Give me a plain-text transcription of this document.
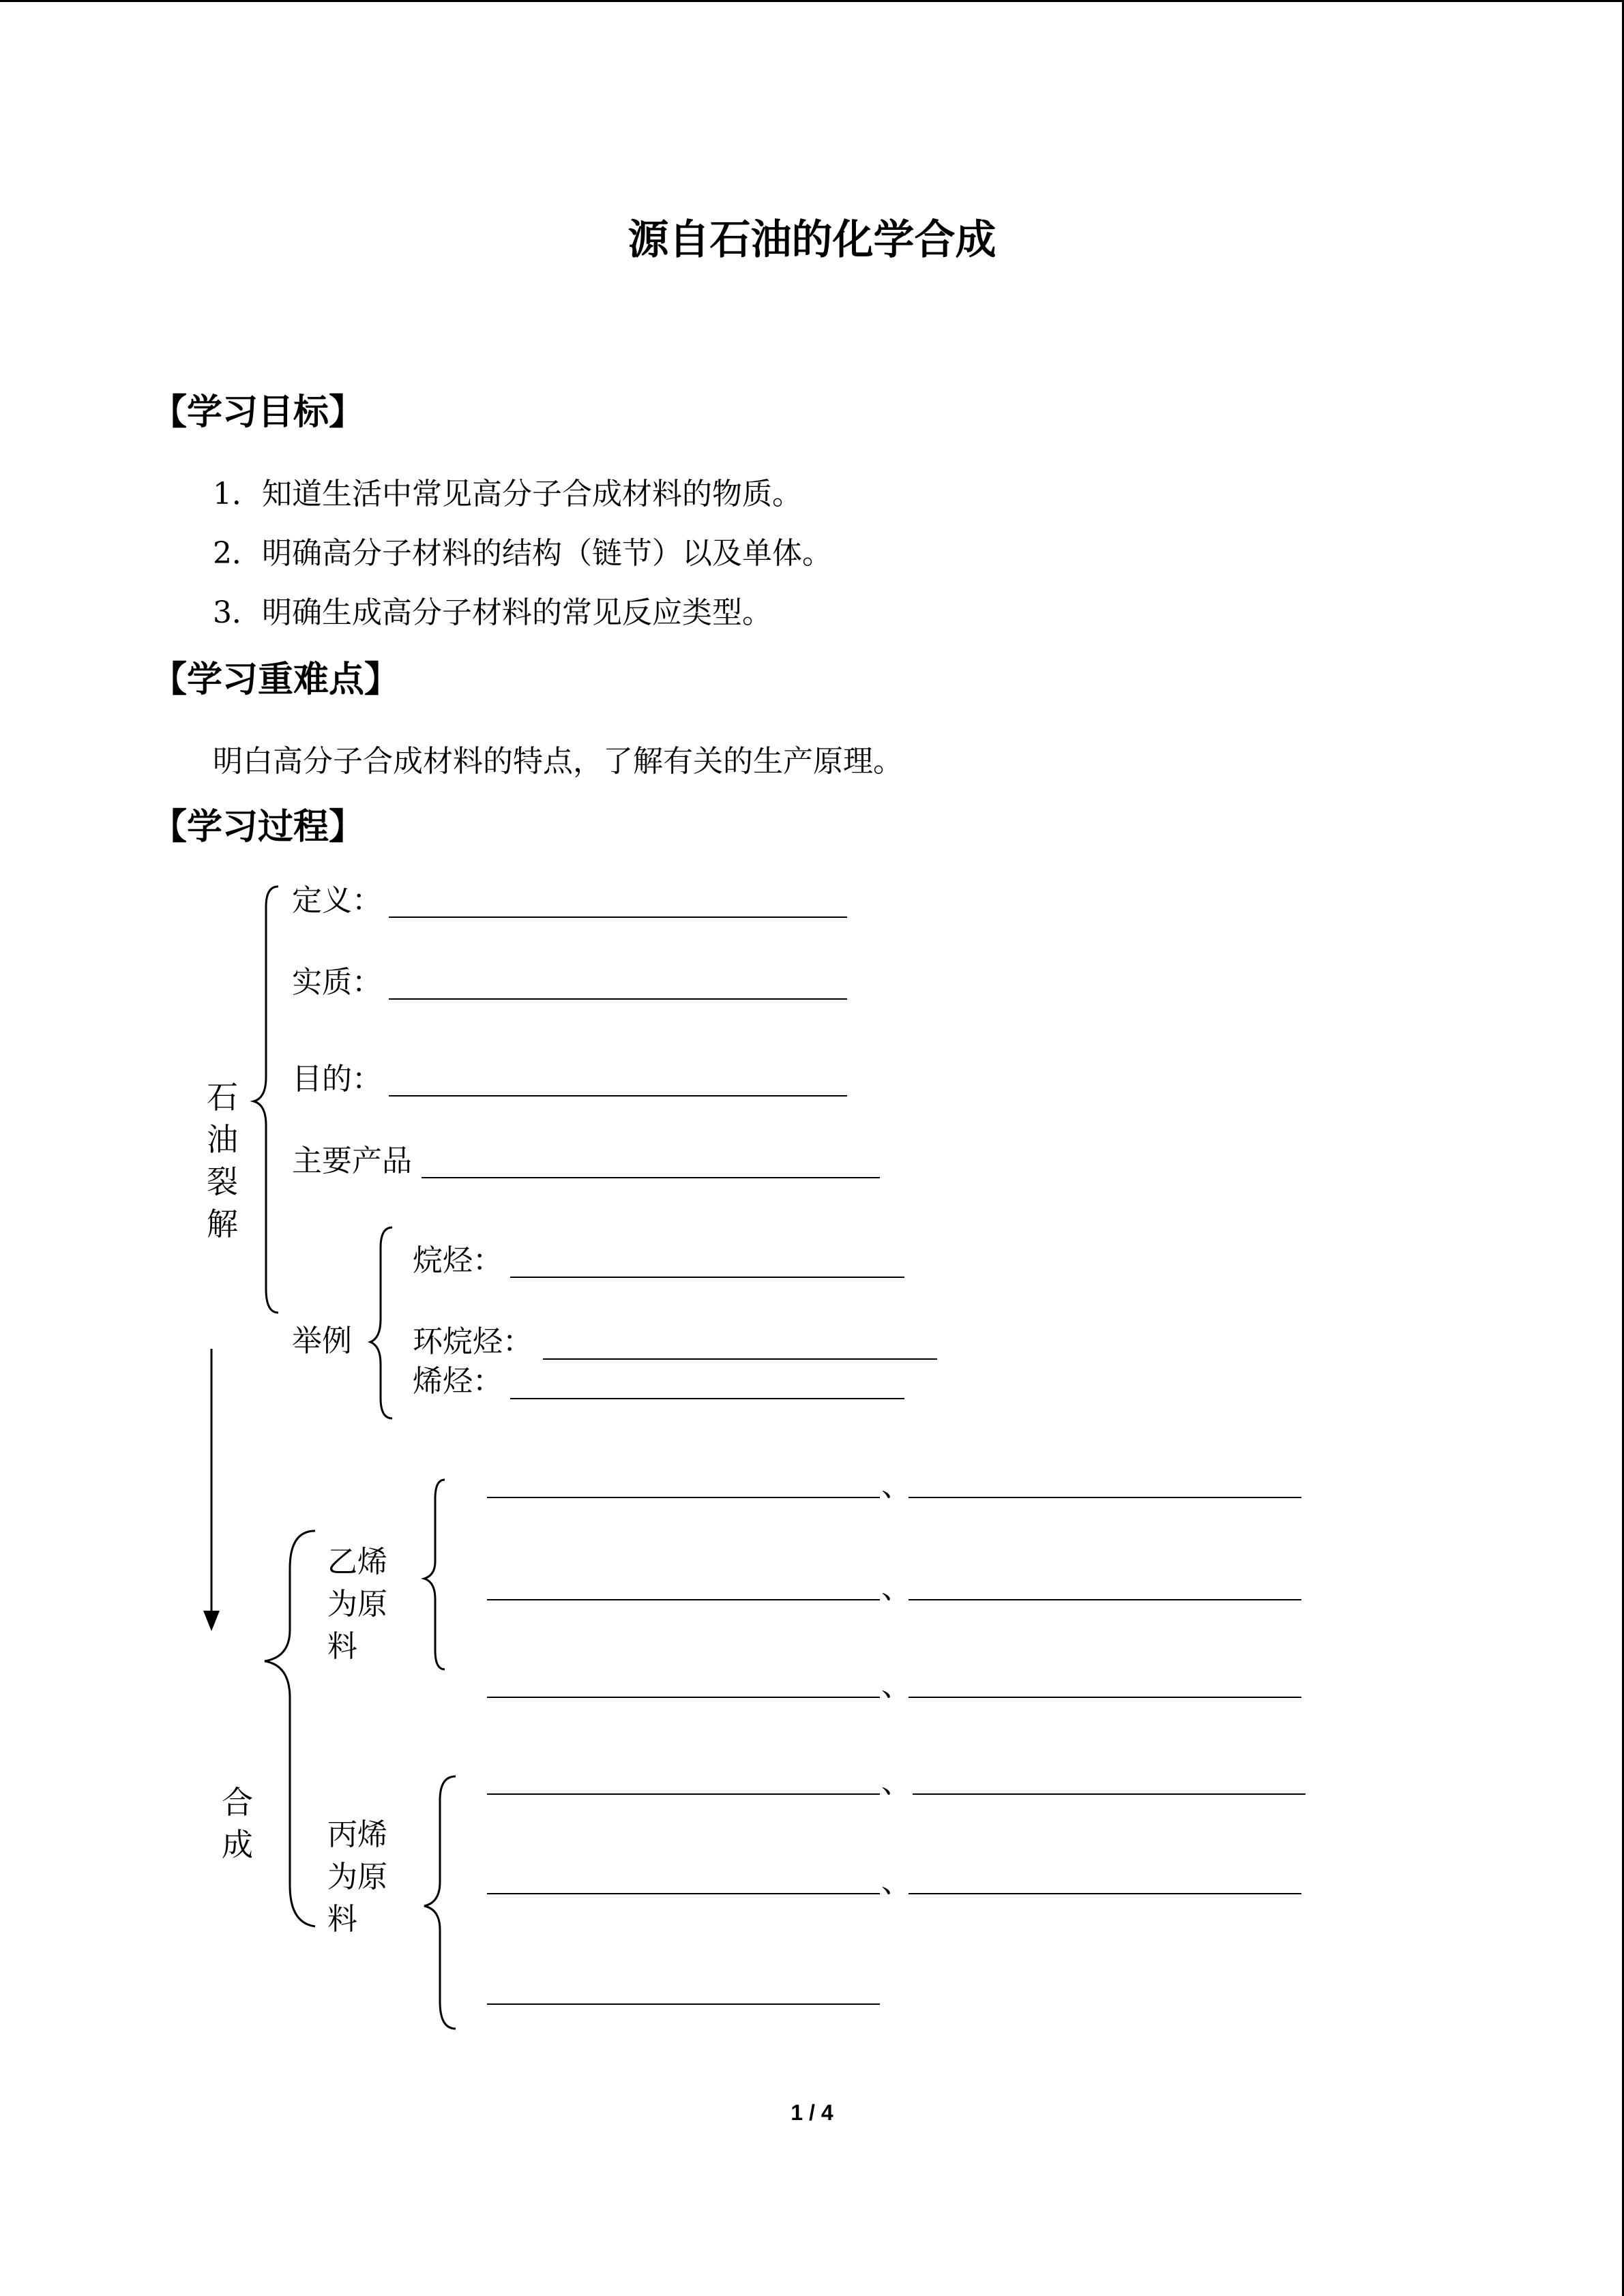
源自石油的化学合成
【学习目标】
1．知道生活中常见高分子合成材料的物质。
2．明确高分子材料的结构（链节）以及单体。
3．明确生成高分子材料的常见反应类型。
【学习重难点】
明白高分子合成材料的特点，了解有关的生产原理。
【学习过程】
石
油
裂
解
定义：
实质：
目的：
主要产品
举例
烷烃：
环烷烃：
烯烃：
合
成
乙烯
为原
料
丙烯
为原
料
、
、
、
、
、
1 / 4
